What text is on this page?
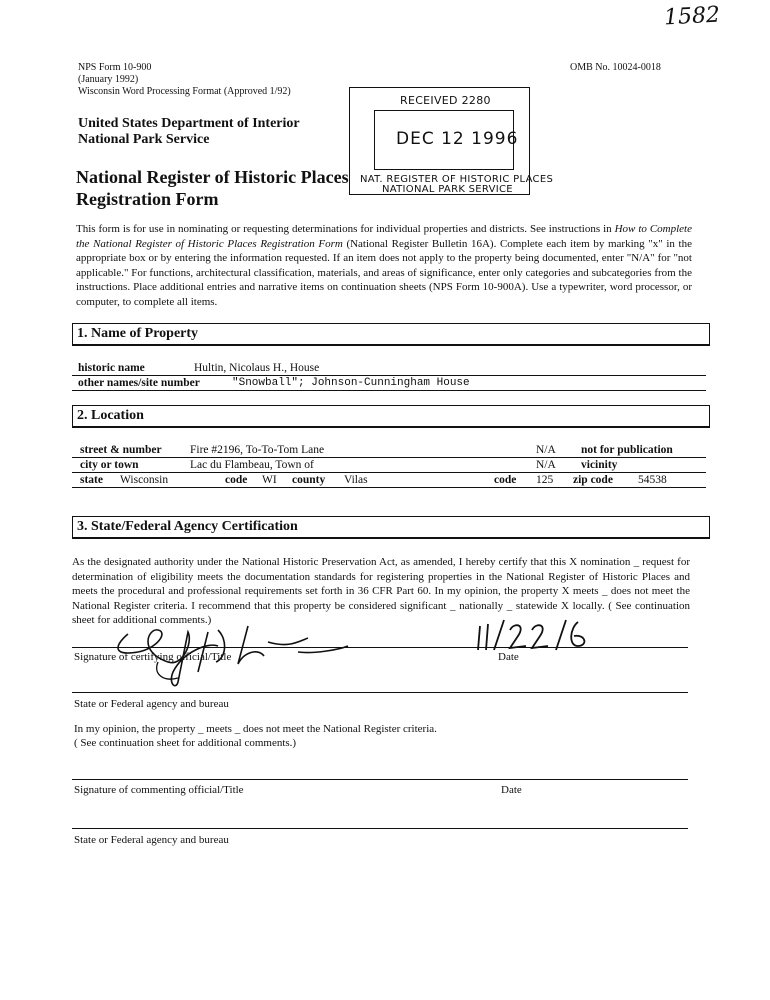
1582
NPS Form 10-900
(January 1992)
Wisconsin Word Processing Format (Approved 1/92)
OMB No. 10024-0018
United States Department of Interior
National Park Service
National Register of Historic Places
Registration Form
RECEIVED 2280
DEC 12 1996
NAT. REGISTER OF HISTORIC PLACES
NATIONAL PARK SERVICE
This form is for use in nominating or requesting determinations for individual properties and districts. See instructions in How to Complete the National Register of Historic Places Registration Form (National Register Bulletin 16A). Complete each item by marking "x" in the appropriate box or by entering the information requested. If an item does not apply to the property being documented, enter "N/A" for "not applicable." For functions, architectural classification, materials, and areas of significance, enter only categories and subcategories from the instructions. Place additional entries and narrative items on continuation sheets (NPS Form 10-900A). Use a typewriter, word processor, or computer, to complete all items.
1. Name of Property
historic name	Hultin, Nicolaus H., House
other names/site number	"Snowball"; Johnson-Cunningham House
2. Location
street & number Fire #2196, To-To-Tom Lane	N/A not for publication
city or town	Lac du Flambeau, Town of	N/A vicinity
state Wisconsin	code WI county Vilas	code 125 zip code 54538
3. State/Federal Agency Certification
As the designated authority under the National Historic Preservation Act, as amended, I hereby certify that this X nomination _ request for determination of eligibility meets the documentation standards for registering properties in the National Register of Historic Places and meets the procedural and professional requirements set forth in 36 CFR Part 60. In my opinion, the property X meets _ does not meet the National Register criteria. I recommend that this property be considered significant _ nationally _ statewide X locally. ( See continuation sheet for additional comments.)
Signature of certifying official/Title	Date
State or Federal agency and bureau
In my opinion, the property _ meets _ does not meet the National Register criteria.
( See continuation sheet for additional comments.)
Signature of commenting official/Title	Date
State or Federal agency and bureau
